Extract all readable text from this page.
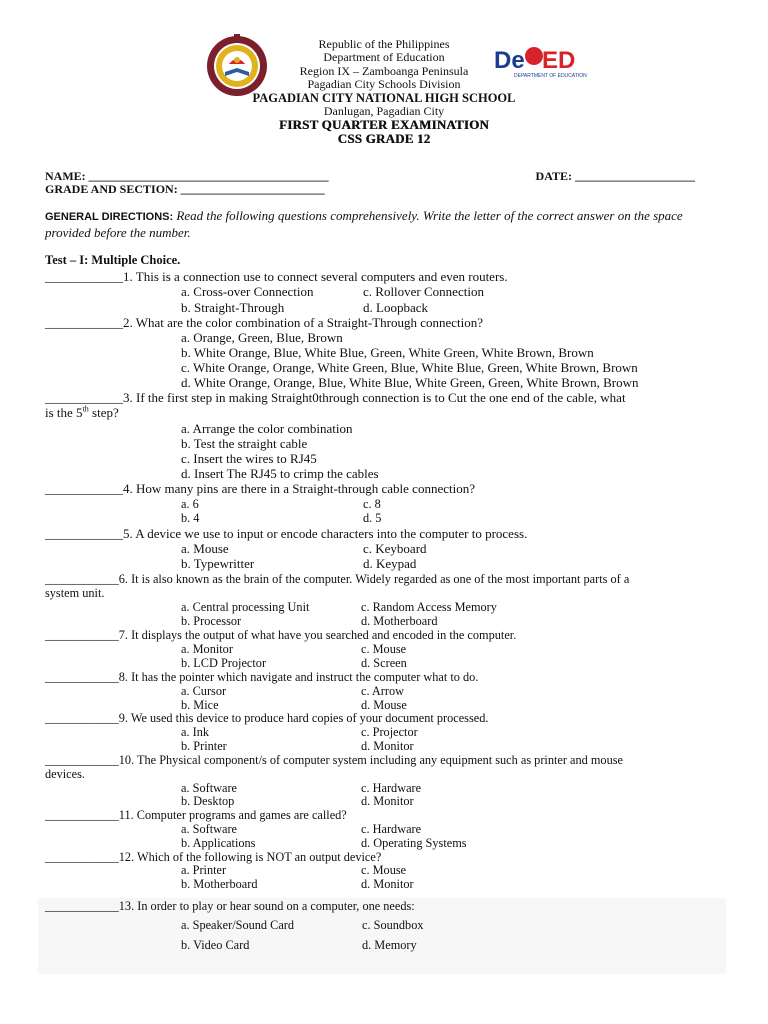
De ED
DEPARTMENT OF EDUCATION
Republic of the Philippines
Department of Education
Region IX – Zamboanga Peninsula
Pagadian City Schools Division
PAGADIAN CITY NATIONAL HIGH SCHOOL
Danlugan, Pagadian City
FIRST QUARTER EXAMINATION
CSS GRADE 12
NAME: ________________________________________	DATE: ____________________
GRADE AND SECTION: ________________________
GENERAL DIRECTIONS: Read the following questions comprehensively. Write the letter of the correct answer on the space provided before the number.
Test – I: Multiple Choice.
____________1. This is a connection use to connect several computers and even routers.
a. Cross-over Connection	c. Rollover Connection
b. Straight-Through	d. Loopback
____________2. What are the color combination of a Straight-Through connection?
a. Orange, Green, Blue, Brown
b. White Orange, Blue, White Blue, Green, White Green, White Brown, Brown
c. White Orange, Orange, White Green, Blue, White Blue, Green, White Brown, Brown
d. White Orange, Orange, Blue, White Blue, White Green, Green, White Brown, Brown
____________3. If the first step in making Straight0through connection is to Cut the one end of the cable, what
is the 5th step?
a. Arrange the color combination
b. Test the straight cable
c. Insert the wires to RJ45
d. Insert The RJ45 to crimp the cables
____________4. How many pins are there in a Straight-through cable connection?
a. 6	c. 8
b. 4	d. 5
____________5. A device we use to input or encode characters into the computer to process.
a. Mouse	c. Keyboard
b. Typewritter	d. Keypad
____________6. It is also known as the brain of the computer. Widely regarded as one of the most important parts of a
system unit.
a. Central processing Unit	c. Random Access Memory
b. Processor	d. Motherboard
____________7. It displays the output of what have you searched and encoded in the computer.
a. Monitor	c. Mouse
b. LCD Projector	d. Screen
____________8. It has the pointer which navigate and instruct the computer what to do.
a. Cursor	c. Arrow
b. Mice	d. Mouse
____________9. We used this device to produce hard copies of your document processed.
a. Ink	c. Projector
b. Printer	d. Monitor
____________10. The Physical component/s of computer system including any equipment such as printer and mouse
devices.
a. Software	c. Hardware
b. Desktop	d. Monitor
____________11. Computer programs and games are called?
a. Software	c. Hardware
b. Applications	d. Operating Systems
____________12. Which of the following is NOT an output device?
a. Printer	c. Mouse
b. Motherboard	d. Monitor
____________13. In order to play or hear sound on a computer, one needs:
a. Speaker/Sound Card	c. Soundbox
b. Video Card	d. Memory
